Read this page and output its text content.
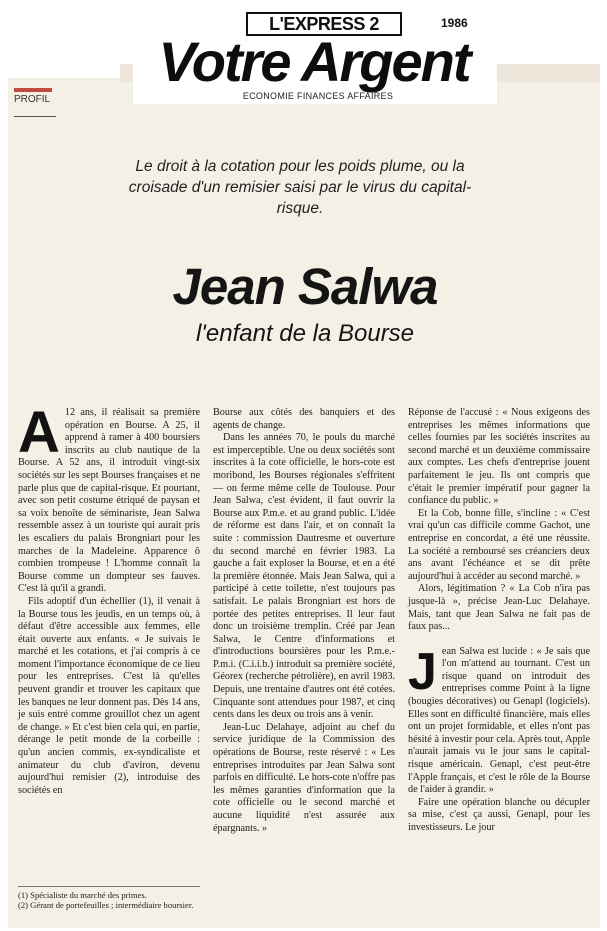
L'EXPRESS 2	1986
Votre Argent
ECONOMIE FINANCES AFFAIRES
PROFIL
Le droit à la cotation pour les poids plume, ou la croisade d'un remisier saisi par le virus du capital-risque.
Jean Salwa
l'enfant de la Bourse

A 12 ans, il réalisait sa première opération en Bourse. A 25, il apprend à ramer à 400 boursiers inscrits au club nautique de la Bourse. A 52 ans, il introduit vingt-six sociétés sur les sept Bourses françaises et ne parle plus que de capital-risque. Et pourtant, avec son petit costume étriqué de paysan et sa voix benoîte de séminariste, Jean Salwa ressemble assez à un touriste qui aurait pris les escaliers du palais Brongniart pour les marches de la Madeleine. Apparence ô combien trompeuse ! L'homme connaît la Bourse comme un dompteur ses fauves. C'est là qu'il a grandi.

Fils adoptif d'un échellier (1), il venait à la Bourse tous les jeudis, en un temps où, à défaut d'être accessible aux femmes, elle était ouverte aux enfants. « Je suivais le marché et les cotations, et j'ai compris à ce moment l'importance économique de ce lieu pour les entreprises. C'est là qu'elles peuvent grandir et trouver les capitaux que les banques ne leur donnent pas. Dès 14 ans, je suis entré comme grouillot chez un agent de change. » Et c'est bien cela qui, en partie, dérange le petit monde de la corbeille : qu'un ancien commis, ex-syndicaliste et animateur du club d'aviron, devenu aujourd'hui remisier (2), introduise des sociétés en

Bourse aux côtés des banquiers et des agents de change.

Dans les années 70, le pouls du marché est imperceptible. Une ou deux sociétés sont inscrites à la cote officielle, le hors-cote est moribond, les Bourses régionales s'effritent — on ferme même celle de Toulouse. Pour Jean Salwa, c'est évident, il faut ouvrir la Bourse aux P.m.e. et au grand public. L'idée de réforme est dans l'air, et on connaît la suite : commission Dautresme et ouverture du second marché en février 1983. La gauche a fait exploser la Bourse, et en a été la première étonnée. Mais Jean Salwa, qui a participé à cette toilette, n'est toujours pas satisfait. Le palais Brongniart est hors de portée des petites entreprises. Il leur faut donc un troisième tremplin. Créé par Jean Salwa, le Centre d'informations et d'introductions boursières pour les P.m.e.-P.m.i. (C.i.i.b.) introduit sa première société, Géorex (recherche pétrolière), en avril 1983. Depuis, une trentaine d'autres ont été cotées. Cinquante sont attendues pour 1987, et cinq cents dans les deux ou trois ans à venir.

Jean-Luc Delahaye, adjoint au chef du service juridique de la Commission des opérations de Bourse, reste réservé : « Les entreprises introduites par Jean Salwa sont parfois en difficulté. Le hors-cote n'offre pas les mêmes garanties d'information que la cote officielle ou le second marché et aucune liquidité n'est assurée aux épargnants. »

Réponse de l'accusé : « Nous exigeons des entreprises les mêmes informations que celles fournies par les sociétés inscrites au second marché et un deuxième commissaire aux comptes. Les chefs d'entreprise jouent parfaitement le jeu. Ils ont compris que c'était le premier impératif pour gagner la confiance du public. »

Et la Cob, bonne fille, s'incline : « C'est vrai qu'un cas difficile comme Gachot, une entreprise en concordat, a été une réussite. La société a remboursé ses créanciers deux ans avant l'échéance et se dit prête aujourd'hui à accéder au second marché. »

Alors, légitimation ? « La Cob n'ira pas jusque-là », précise Jean-Luc Delahaye. Mais, tant que Jean Salwa ne fait pas de faux pas...

J ean Salwa est lucide : « Je sais que l'on m'attend au tournant. C'est un risque quand on introduit des entreprises comme Point à la ligne (bougies décoratives) ou Genapl (logiciels). Elles sont en difficulté financière, mais elles ont un projet formidable, et elles n'ont pas hésité à investir pour cela. Après tout, Apple n'aurait jamais vu le jour sans le capital-risque américain. Genapl, c'est peut-être l'Apple français, et c'est le rôle de la Bourse de l'aider à grandir. »

Faire une opération blanche ou décupler sa mise, c'est ça aussi, Genapl, pour les investisseurs. Le jour

(1) Spécialiste du marché des primes.
(2) Gérant de portefeuilles ; intermédiaire boursier.
